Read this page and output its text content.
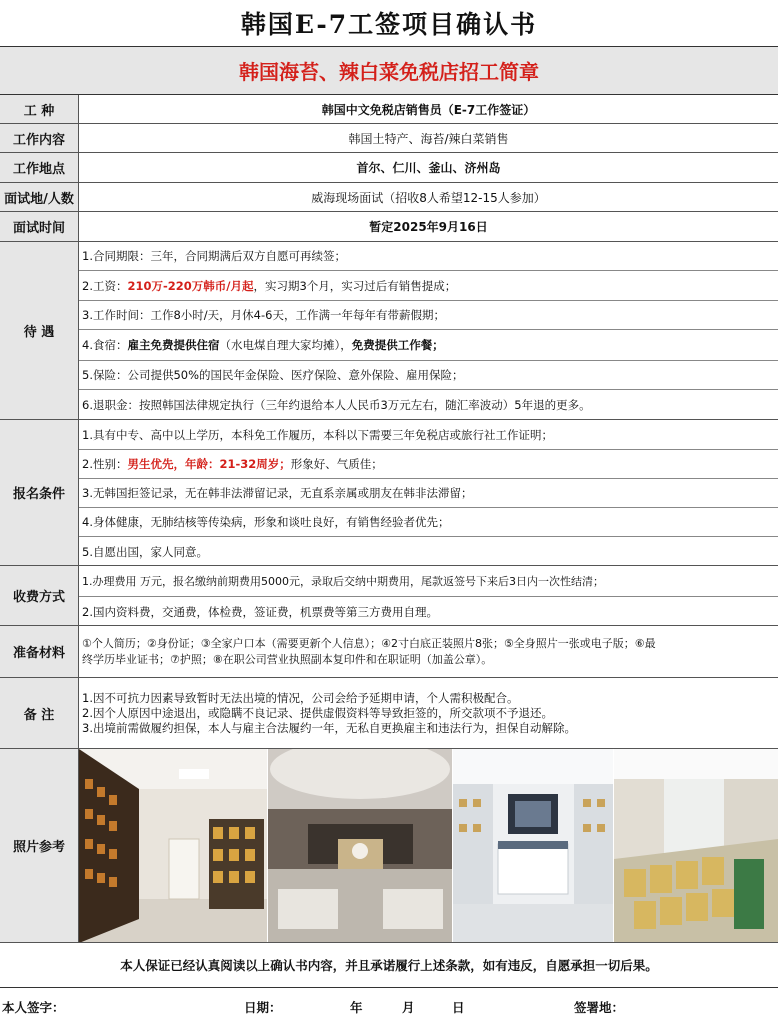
韩国E-7工签项目确认书
韩国海苔、辣白菜免税店招工简章
工 种	韩国中文免税店销售员（E-7工作签证）
工作内容	韩国土特产、海苔/辣白菜销售
工作地点	首尔、仁川、釜山、济州岛
面试地/人数	威海现场面试（招收8人希望12-15人参加）
面试时间	暂定2025年9月16日
待 遇
1.合同期限：三年，合同期满后双方自愿可再续签；
2.工资： 210万-220万韩币/月起 ，实习期3个月，实习过后有销售提成；
3.工作时间：工作8小时/天，月休4-6天，工作满一年每年有带薪假期；
4.食宿： 雇主免费提供住宿 （水电煤自理大家均摊）， 免费提供工作餐；
5.保险：公司提供50%的国民年金保险、医疗保险、意外保险、雇用保险；
6.退职金：按照韩国法律规定执行（三年约退给本人人民币3万元左右，随汇率波动）5年退的更多。
报名条件
1.具有中专、高中以上学历，本科免工作履历，本科以下需要三年免税店或旅行社工作证明；
2.性别： 男生优先，年龄：21-32周岁； 形象好、气质佳；
3.无韩国拒签记录，无在韩非法滞留记录，无直系亲属或朋友在韩非法滞留；
4.身体健康，无肺结核等传染病，形象和谈吐良好，有销售经验者优先；
5.自愿出国，家人同意。
收费方式
1.办理费用 万元，报名缴纳前期费用5000元，录取后交纳中期费用，尾款返签号下来后3日内一次性结清；
2.国内资料费，交通费，体检费，签证费，机票费等第三方费用自理。
准备材料
①个人简历；②身份证；③全家户口本（需要更新个人信息）；④2寸白底正装照片8张；⑤全身照片一张或电子版；⑥最
终学历毕业证书；⑦护照；⑧在职公司营业执照副本复印件和在职证明（加盖公章）。
备 注
1.因不可抗力因素导致暂时无法出境的情况，公司会给予延期申请，个人需积极配合。
2.因个人原因中途退出，或隐瞒不良记录、提供虚假资料等导致拒签的，所交款项不予退还。
3.出境前需做履约担保，本人与雇主合法履约一年，无私自更换雇主和违法行为，担保自动解除。
照片参考
本人保证已经认真阅读以上确认书内容，并且承诺履行上述条款，如有违反，自愿承担一切后果。
本人签字：	日期：	年	月	日	签署地：
